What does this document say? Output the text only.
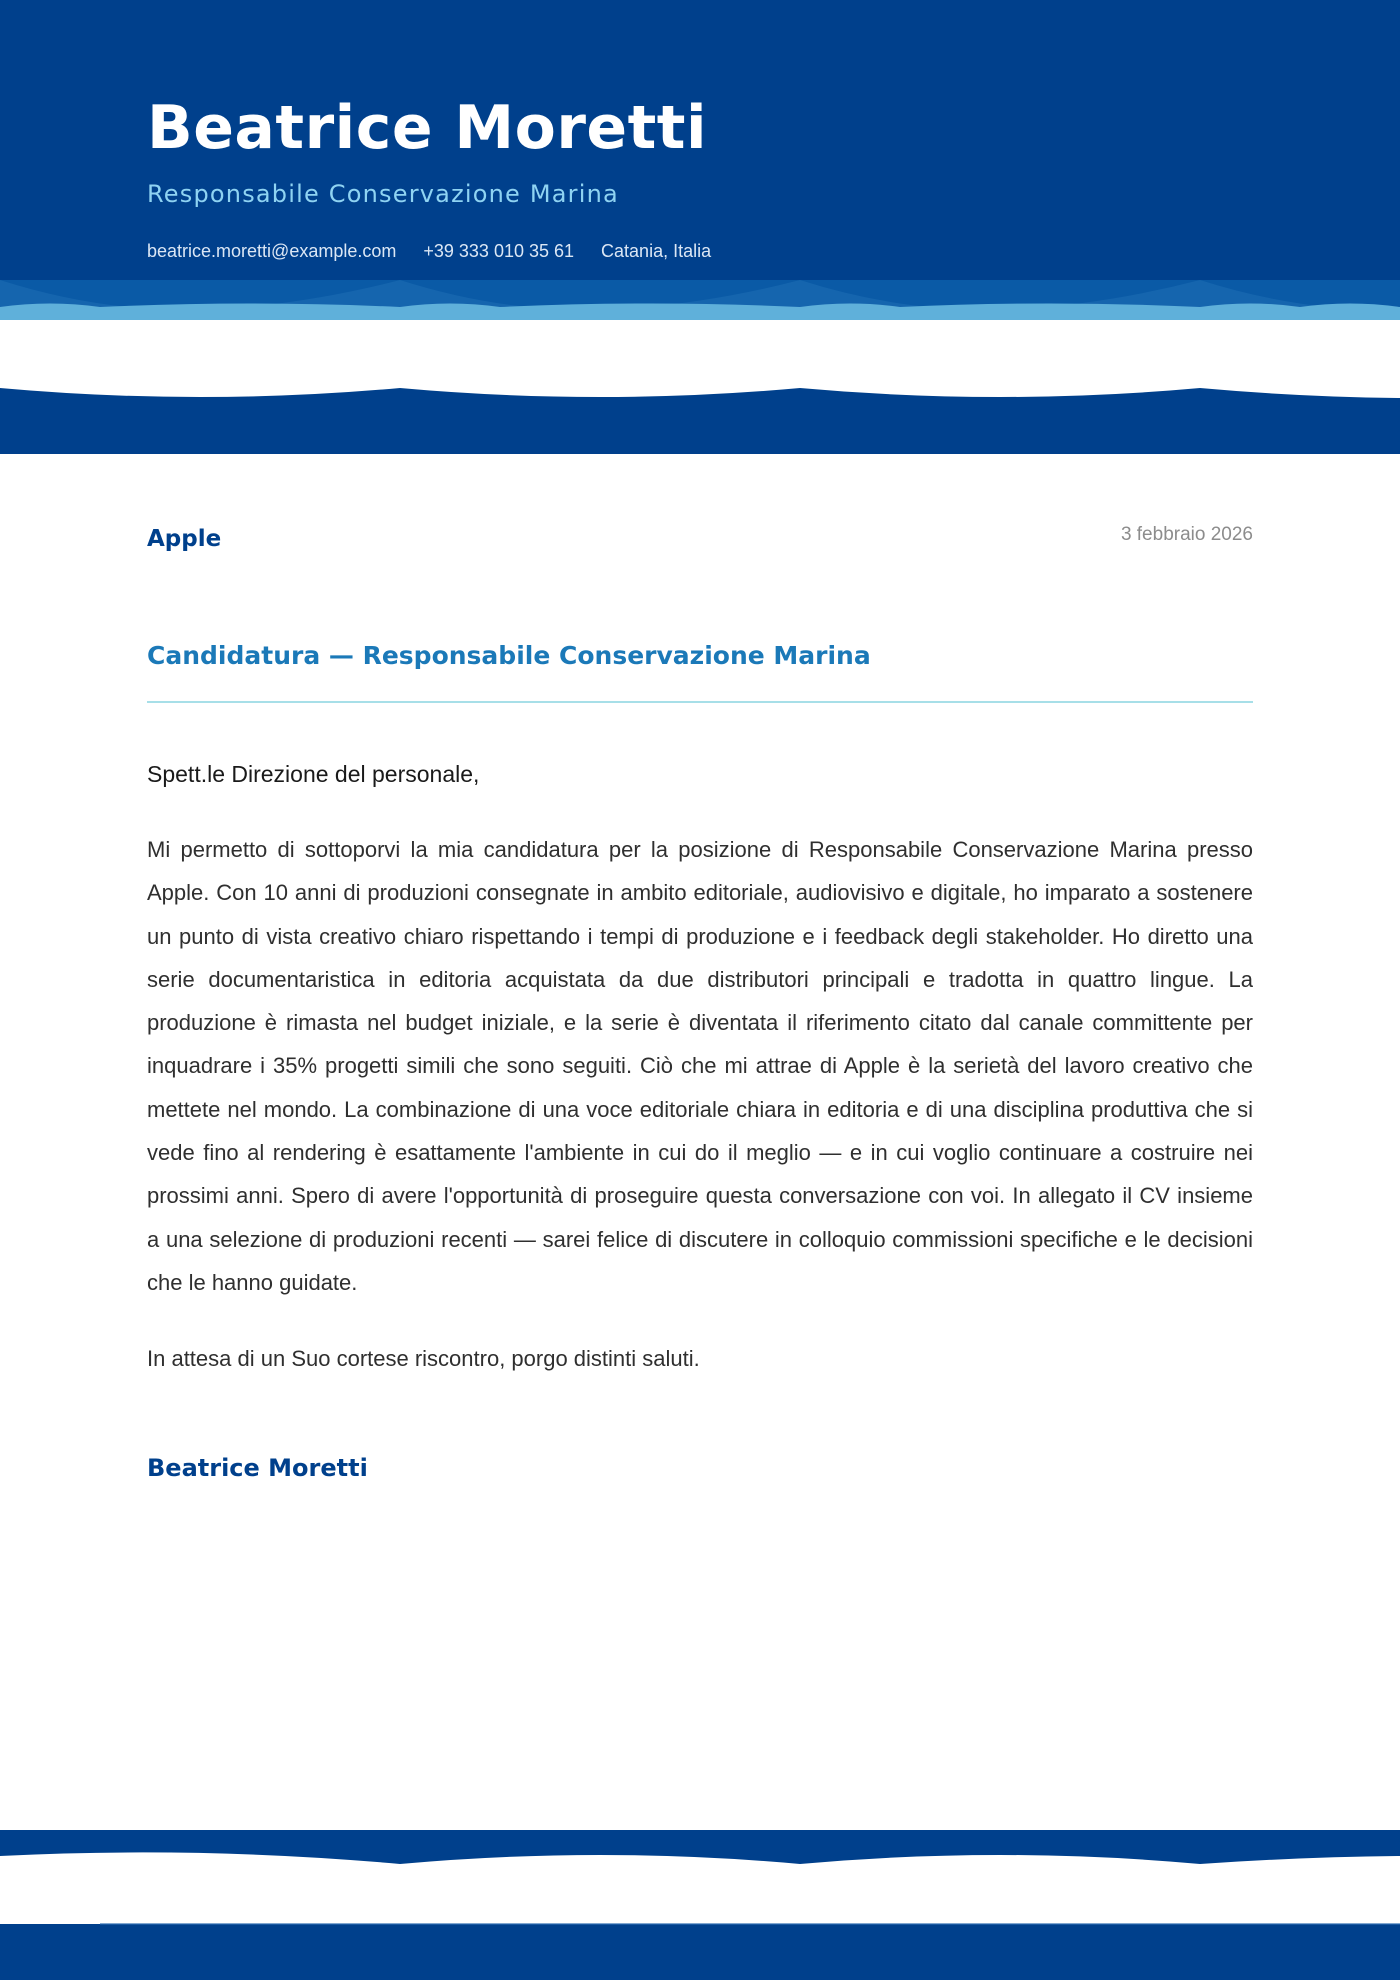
Beatrice Moretti
Responsabile Conservazione Marina
beatrice.moretti@example.com +39 333 010 35 61 Catania, Italia
Apple	3 febbraio 2026
Candidatura — Responsabile Conservazione Marina
Spett.le Direzione del personale,

Mi permetto di sottoporvi la mia candidatura per la posizione di Responsabile Conservazione Marina presso Apple. Con 10 anni di produzioni consegnate in ambito editoriale, audiovisivo e digitale, ho imparato a sostenere un punto di vista creativo chiaro rispettando i tempi di produzione e i feedback degli stakeholder. Ho diretto una serie documentaristica in editoria acquistata da due distributori principali e tradotta in quattro lingue. La produzione è rimasta nel budget iniziale, e la serie è diventata il riferimento citato dal canale committente per inquadrare i 35% progetti simili che sono seguiti. Ciò che mi attrae di Apple è la serietà del lavoro creativo che mettete nel mondo. La combinazione di una voce editoriale chiara in editoria e di una disciplina produttiva che si vede fino al rendering è esattamente l'ambiente in cui do il meglio — e in cui voglio continuare a costruire nei prossimi anni. Spero di avere l'opportunità di proseguire questa conversazione con voi. In allegato il CV insieme a una selezione di produzioni recenti — sarei felice di discutere in colloquio commissioni specifiche e le decisioni che le hanno guidate.

In attesa di un Suo cortese riscontro, porgo distinti saluti.
Beatrice Moretti
